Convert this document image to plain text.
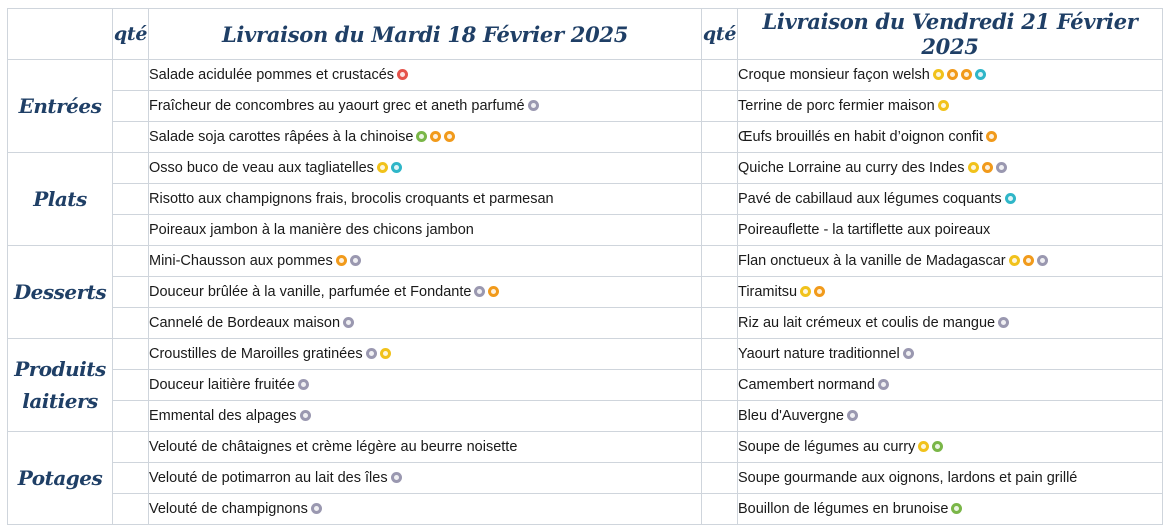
	qté	Livraison du Mardi 18 Février 2025	qté	Livraison du Vendredi 21 Février 2025
Entrées		Salade acidulée pommes et crustacés		Croque monsieur façon welsh
		Fraîcheur de concombres au yaourt grec et aneth parfumé		Terrine de porc fermier maison
		Salade soja carottes râpées à la chinoise		Œufs brouillés en habit d’oignon confit
Plats		Osso buco de veau aux tagliatelles		Quiche Lorraine au curry des Indes
		Risotto aux champignons frais, brocolis croquants et parmesan		Pavé de cabillaud aux légumes coquants
		Poireaux jambon à la manière des chicons jambon		Poireauflette - la tartiflette aux poireaux
Desserts		Mini-Chausson aux pommes		Flan onctueux à la vanille de Madagascar
		Douceur brûlée à la vanille, parfumée et Fondante		Tiramitsu
		Cannelé de Bordeaux maison		Riz au lait crémeux et coulis de mangue
Produits laitiers		Croustilles de Maroilles gratinées		Yaourt nature traditionnel
		Douceur laitière fruitée		Camembert normand
		Emmental des alpages		Bleu d'Auvergne
Potages		Velouté de châtaignes et crème légère au beurre noisette		Soupe de légumes au curry
		Velouté de potimarron au lait des îles		Soupe gourmande aux oignons, lardons et pain grillé
		Velouté de champignons		Bouillon de légumes en brunoise
